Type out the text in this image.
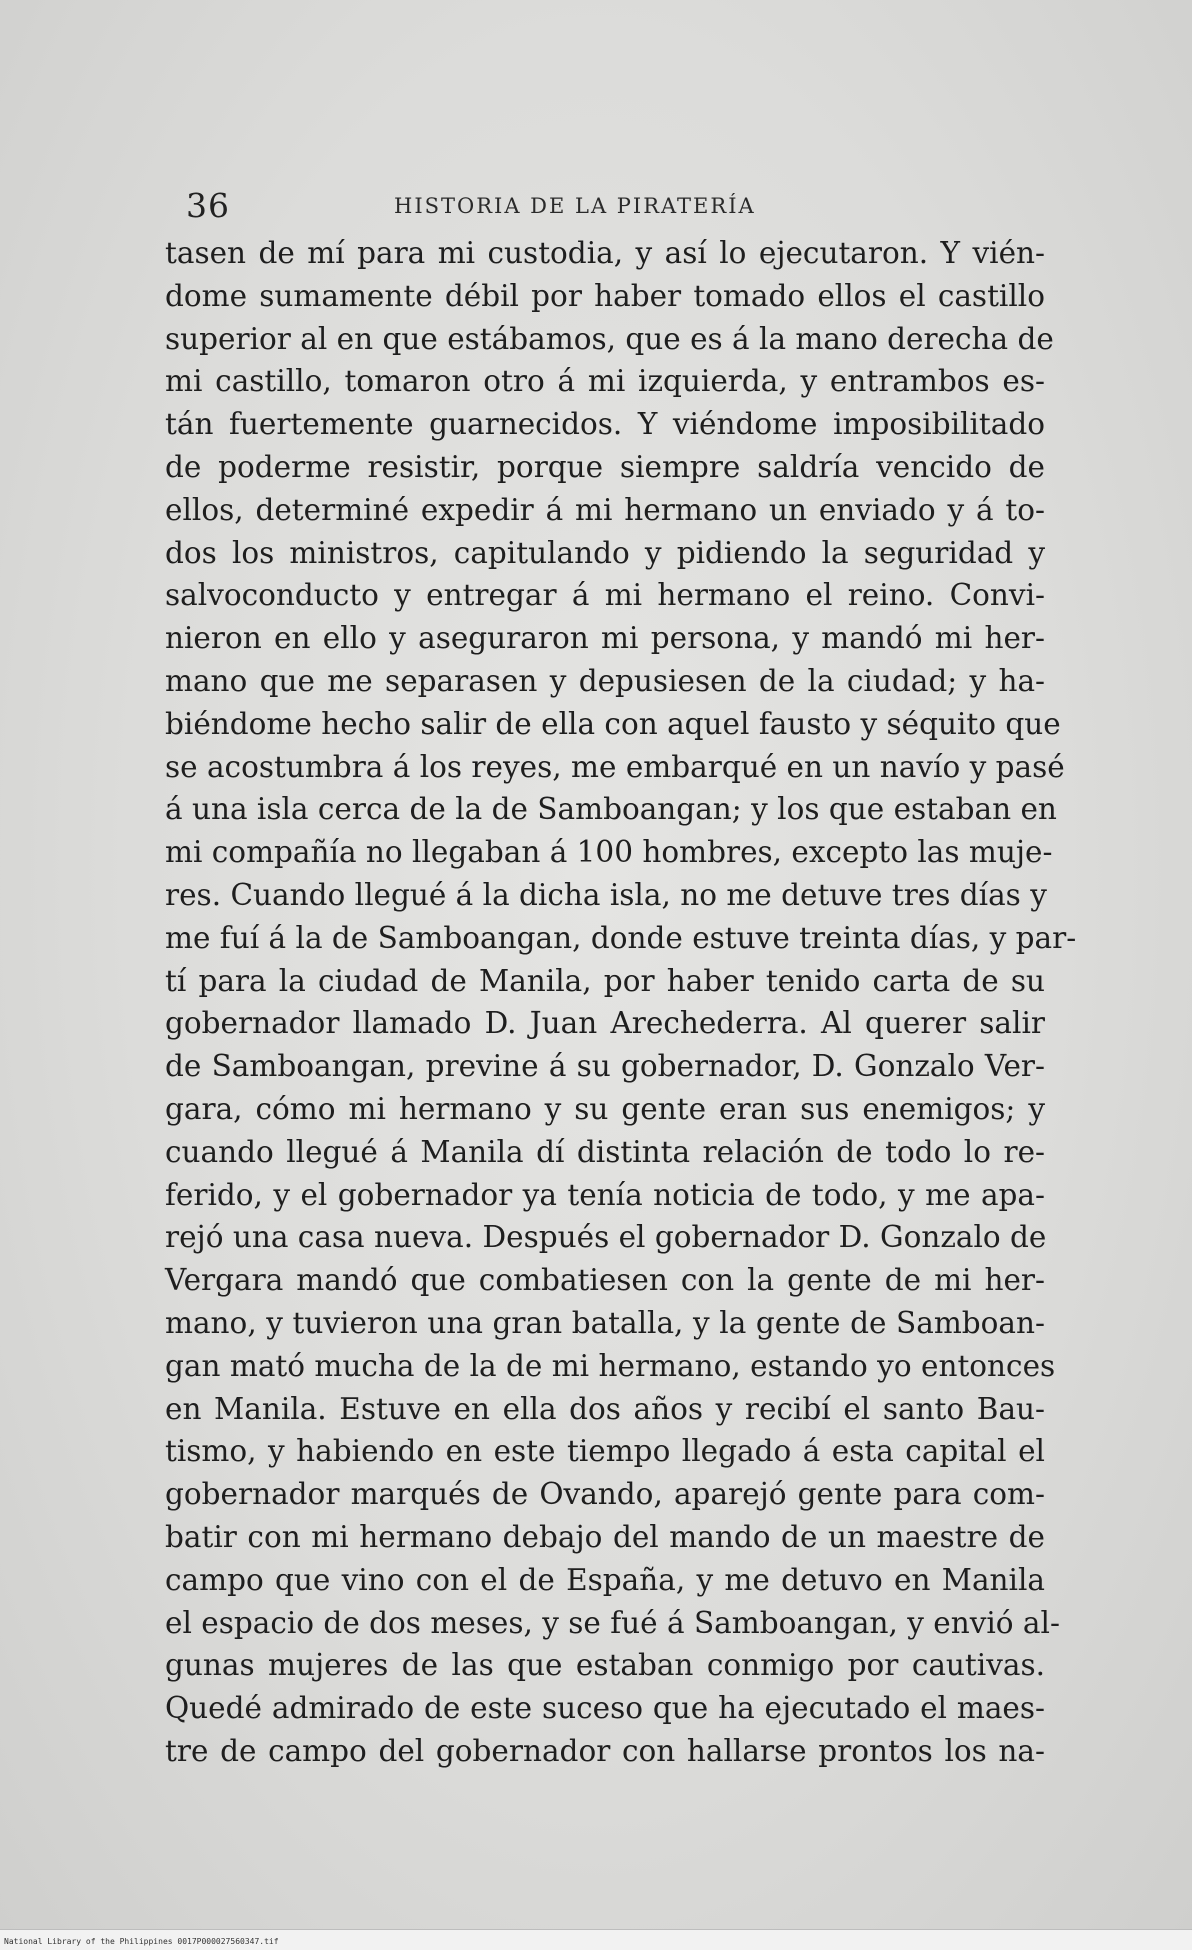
36	HISTORIA DE LA PIRATERÍA
tasen de mí para mi custodia, y así lo ejecutaron. Y vién-
dome sumamente débil por haber tomado ellos el castillo
superior al en que estábamos, que es á la mano derecha de
mi castillo, tomaron otro á mi izquierda, y entrambos es-
tán fuertemente guarnecidos. Y viéndome imposibilitado
de poderme resistir, porque siempre saldría vencido de
ellos, determiné expedir á mi hermano un enviado y á to-
dos los ministros, capitulando y pidiendo la seguridad y
salvoconducto y entregar á mi hermano el reino. Convi-
nieron en ello y aseguraron mi persona, y mandó mi her-
mano que me separasen y depusiesen de la ciudad; y ha-
biéndome hecho salir de ella con aquel fausto y séquito que
se acostumbra á los reyes, me embarqué en un navío y pasé
á una isla cerca de la de Samboangan; y los que estaban en
mi compañía no llegaban á 100 hombres, excepto las muje-
res. Cuando llegué á la dicha isla, no me detuve tres días y
me fuí á la de Samboangan, donde estuve treinta días, y par-
tí para la ciudad de Manila, por haber tenido carta de su
gobernador llamado D. Juan Arechederra. Al querer salir
de Samboangan, previne á su gobernador, D. Gonzalo Ver-
gara, cómo mi hermano y su gente eran sus enemigos; y
cuando llegué á Manila dí distinta relación de todo lo re-
ferido, y el gobernador ya tenía noticia de todo, y me apa-
rejó una casa nueva. Después el gobernador D. Gonzalo de
Vergara mandó que combatiesen con la gente de mi her-
mano, y tuvieron una gran batalla, y la gente de Samboan-
gan mató mucha de la de mi hermano, estando yo entonces
en Manila. Estuve en ella dos años y recibí el santo Bau-
tismo, y habiendo en este tiempo llegado á esta capital el
gobernador marqués de Ovando, aparejó gente para com-
batir con mi hermano debajo del mando de un maestre de
campo que vino con el de España, y me detuvo en Manila
el espacio de dos meses, y se fué á Samboangan, y envió al-
gunas mujeres de las que estaban conmigo por cautivas.
Quedé admirado de este suceso que ha ejecutado el maes-
tre de campo del gobernador con hallarse prontos los na-
National Library of the Philippines 0017P000027560347.tif
